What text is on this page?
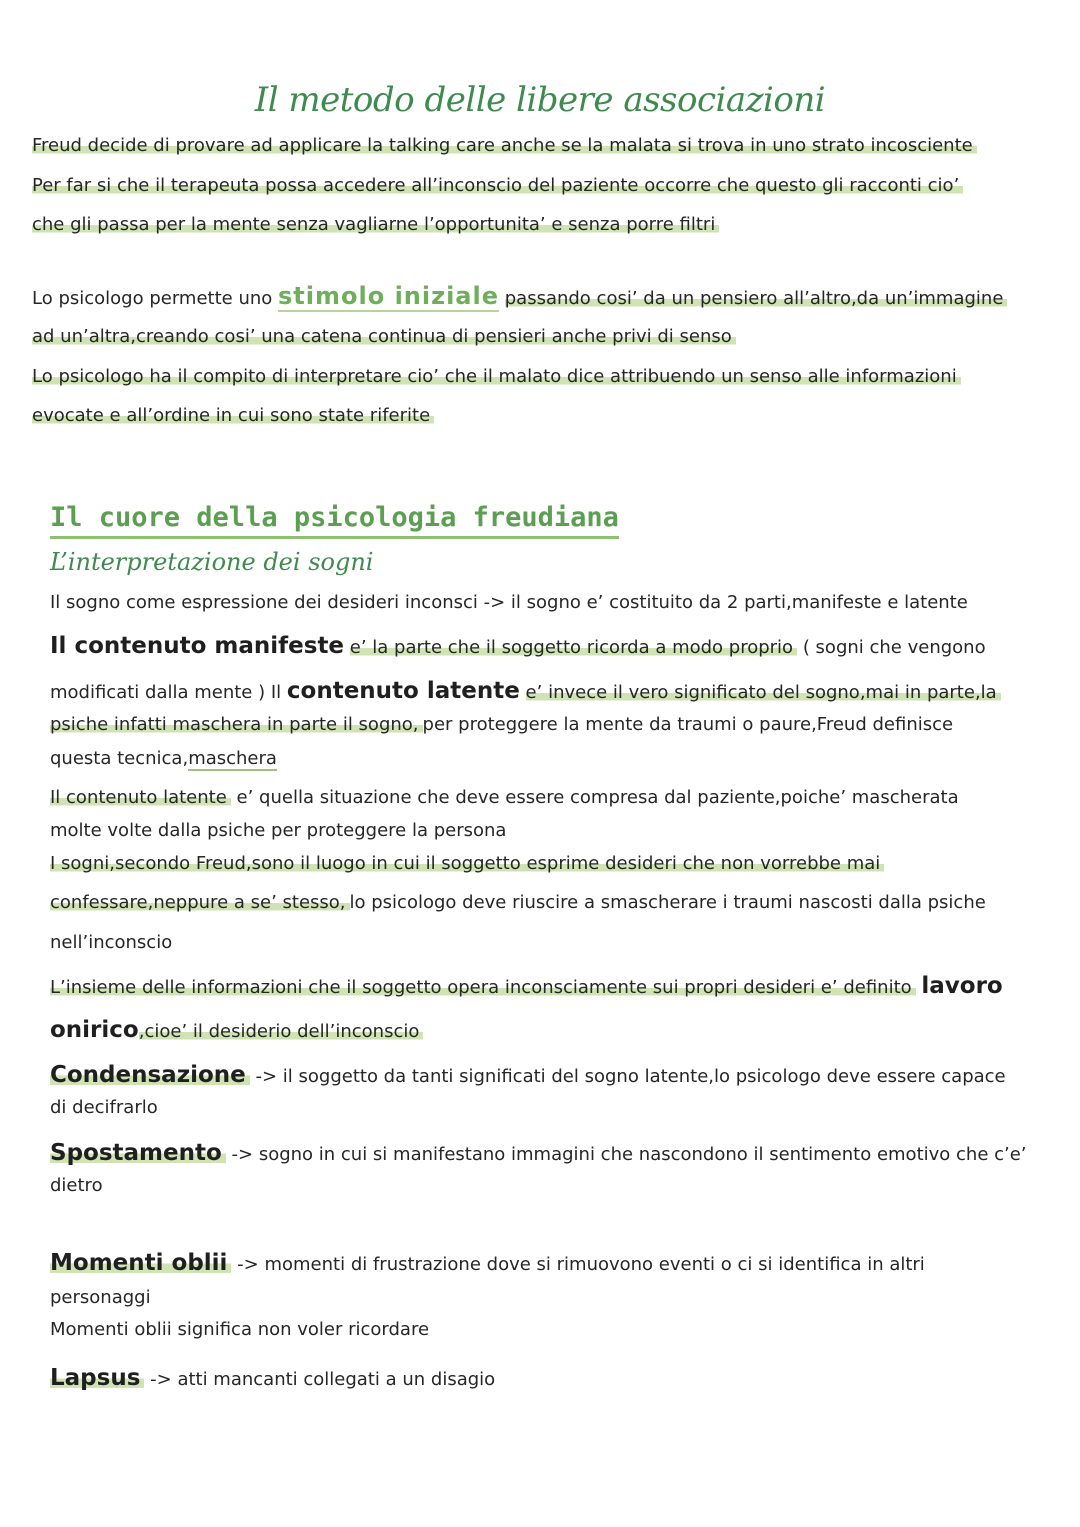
Il metodo delle libere associazioni
Freud decide di provare ad applicare la talking care anche se la malata si trova in uno strato incosciente
Per far si che il terapeuta possa accedere all’inconscio del paziente occorre che questo gli racconti cio’
che gli passa per la mente senza vagliarne l’opportunita’ e senza porre filtri
Lo psicologo permette uno stimolo iniziale passando cosi’ da un pensiero all’altro,da un’immagine
ad un’altra,creando cosi’ una catena continua di pensieri anche privi di senso
Lo psicologo ha il compito di interpretare cio’ che il malato dice attribuendo un senso alle informazioni
evocate e all’ordine in cui sono state riferite
Il cuore della psicologia freudiana
L’interpretazione dei sogni
Il sogno come espressione dei desideri inconsci -> il sogno e’ costituito da 2 parti,manifeste e latente
Il contenuto manifeste e’ la parte che il soggetto ricorda a modo proprio ( sogni che vengono
modificati dalla mente ) Il contenuto latente e’ invece il vero significato del sogno,mai in parte,la
psiche infatti maschera in parte il sogno, per proteggere la mente da traumi o paure,Freud definisce
questa tecnica,maschera
Il contenuto latente e’ quella situazione che deve essere compresa dal paziente,poiche’ mascherata
molte volte dalla psiche per proteggere la persona
I sogni,secondo Freud,sono il luogo in cui il soggetto esprime desideri che non vorrebbe mai
confessare,neppure a se’ stesso, lo psicologo deve riuscire a smascherare i traumi nascosti dalla psiche
nell’inconscio
L’insieme delle informazioni che il soggetto opera inconsciamente sui propri desideri e’ definito lavoro
onirico,cioe’ il desiderio dell’inconscio
Condensazione -> il soggetto da tanti significati del sogno latente,lo psicologo deve essere capace
di decifrarlo
Spostamento -> sogno in cui si manifestano immagini che nascondono il sentimento emotivo che c’e’
dietro
Momenti oblii -> momenti di frustrazione dove si rimuovono eventi o ci si identifica in altri
personaggi
Momenti oblii significa non voler ricordare
Lapsus -> atti mancanti collegati a un disagio
